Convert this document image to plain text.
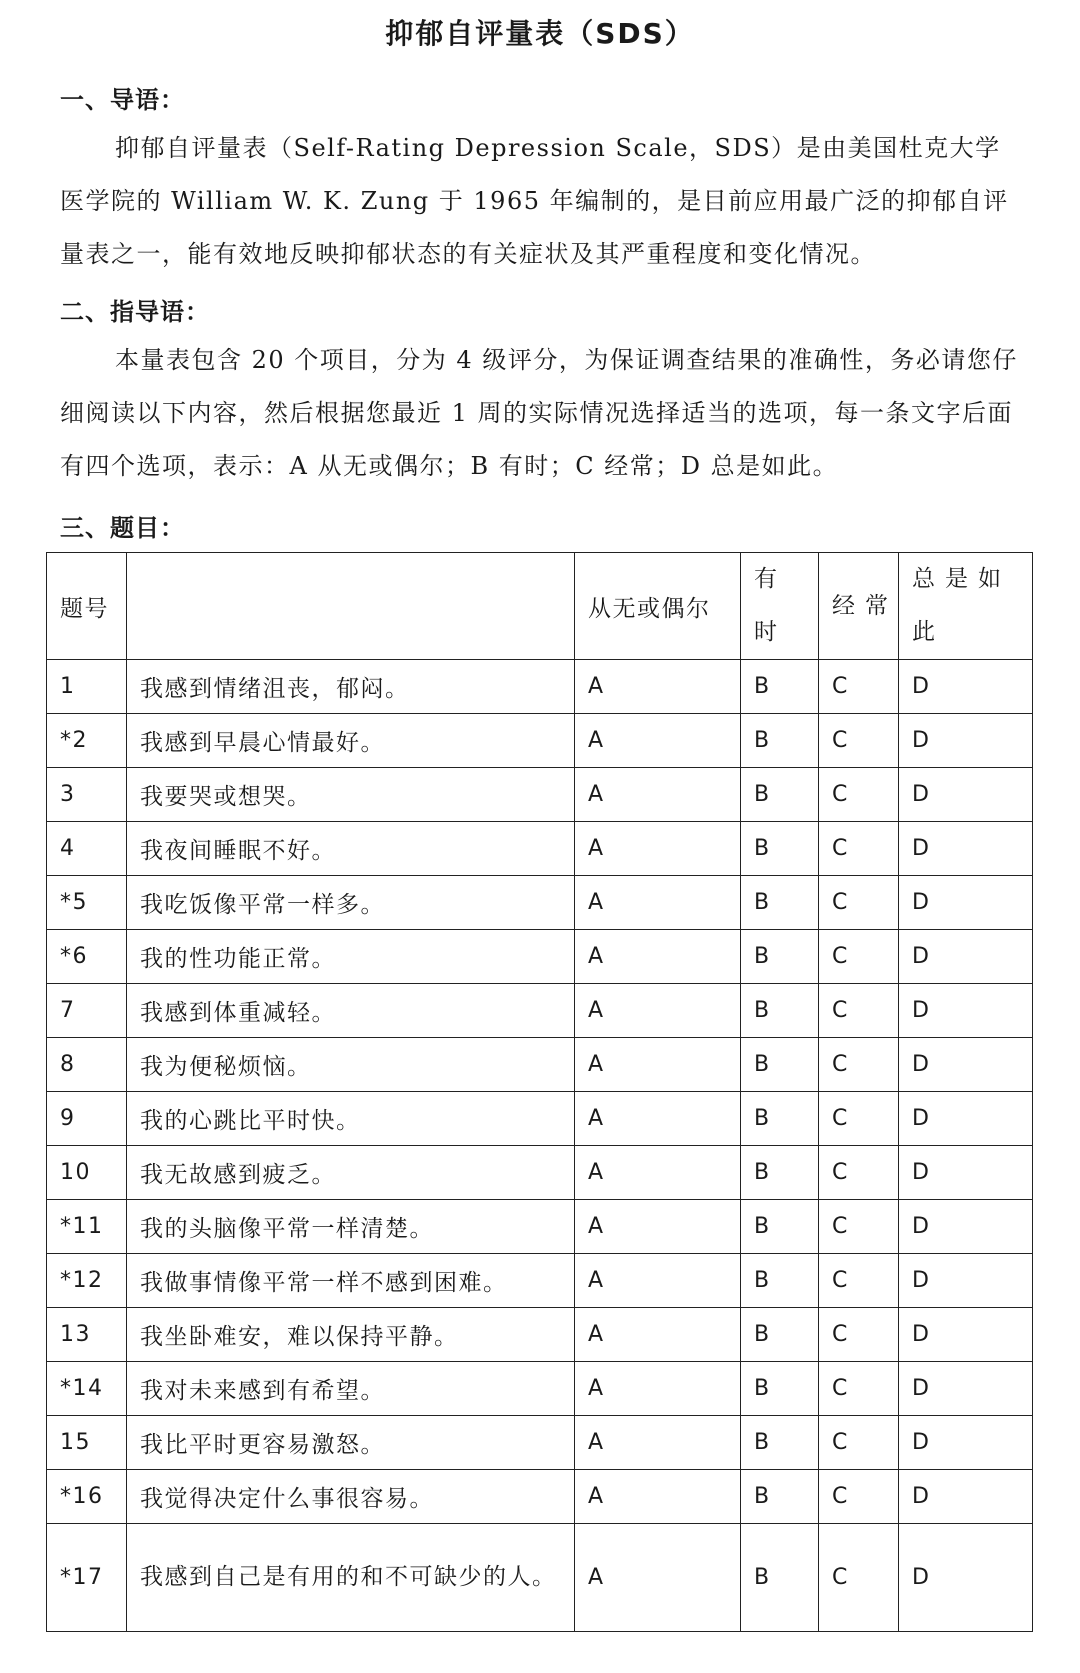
抑郁自评量表（SDS）
一、导语：

抑郁自评量表（Self-Rating Depression Scale，SDS）是由美国杜克大学医学院的 William W. K. Zung 于 1965 年编制的，是目前应用最广泛的抑郁自评量表之一，能有效地反映抑郁状态的有关症状及其严重程度和变化情况。

二、指导语：

本量表包含 20 个项目，分为 4 级评分，为保证调查结果的准确性，务必请您仔细阅读以下内容，然后根据您最近 1 周的实际情况选择适当的选项，每一条文字后面有四个选项，表示：A 从无或偶尔；B 有时；C 经常；D 总是如此。

三、题目：
题号		从无或偶尔	有时	经常	总是如此
1	我感到情绪沮丧，郁闷。	A	B	C	D
*2	我感到早晨心情最好。	A	B	C	D
3	我要哭或想哭。	A	B	C	D
4	我夜间睡眠不好。	A	B	C	D
*5	我吃饭像平常一样多。	A	B	C	D
*6	我的性功能正常。	A	B	C	D
7	我感到体重减轻。	A	B	C	D
8	我为便秘烦恼。	A	B	C	D
9	我的心跳比平时快。	A	B	C	D
10	我无故感到疲乏。	A	B	C	D
*11	我的头脑像平常一样清楚。	A	B	C	D
*12	我做事情像平常一样不感到困难。	A	B	C	D
13	我坐卧难安，难以保持平静。	A	B	C	D
*14	我对未来感到有希望。	A	B	C	D
15	我比平时更容易激怒。	A	B	C	D
*16	我觉得决定什么事很容易。	A	B	C	D
*17	我感到自己是有用的和不可缺少的人。	A	B	C	D
